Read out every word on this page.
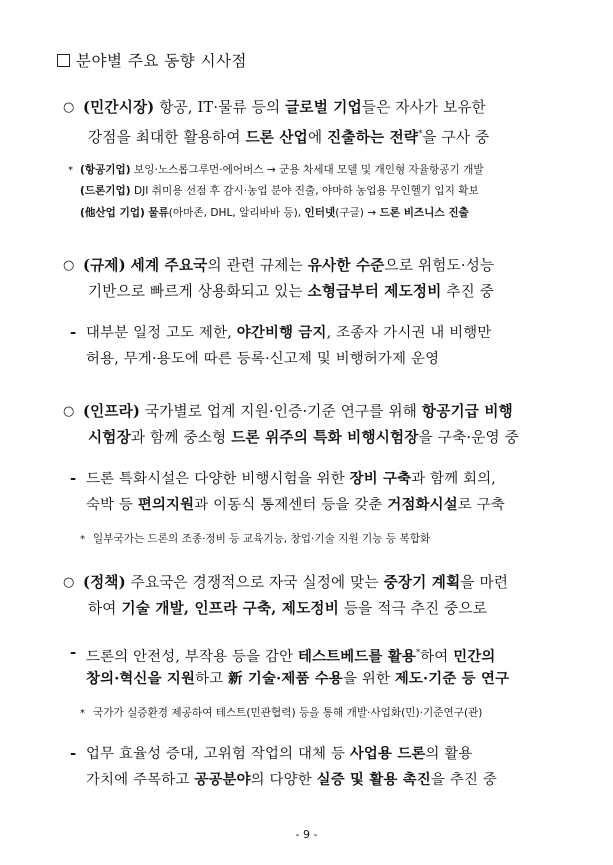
분야별 주요 동향 시사점
○ (민간시장) 항공, IT·물류 등의 글로벌 기업들은 자사가 보유한
강점을 최대한 활용하여 드론 산업에 진출하는 전략*을 구사 중
* (항공기업) 보잉·노스롭그루먼·에어버스 → 군용 차세대 모델 및 개인형 자율항공기 개발
(드론기업) DJI 취미용 선점 후 감시·농업 분야 진출, 야마하 농업용 무인헬기 입지 확보
(他산업 기업) 물류(아마존, DHL, 알리바바 등), 인터넷(구글) → 드론 비즈니스 진출
○ (규제) 세계 주요국의 관련 규제는 유사한 수준으로 위험도·성능
기반으로 빠르게 상용화되고 있는 소형급부터 제도정비 추진 중
- 대부분 일정 고도 제한, 야간비행 금지, 조종자 가시권 내 비행만
허용, 무게·용도에 따른 등록·신고제 및 비행허가제 운영
○ (인프라) 국가별로 업계 지원·인증·기준 연구를 위해 항공기급 비행
시험장과 함께 중소형 드론 위주의 특화 비행시험장을 구축·운영 중
- 드론 특화시설은 다양한 비행시험을 위한 장비 구축과 함께 회의,
숙박 등 편의지원과 이동식 통제센터 등을 갖춘 거점화시설로 구축
* 일부국가는 드론의 조종·정비 등 교육기능, 창업·기술 지원 기능 등 복합화
○ (정책) 주요국은 경쟁적으로 자국 실정에 맞는 중장기 계획을 마련
하여 기술 개발, 인프라 구축, 제도정비 등을 적극 추진 중으로
- 드론의 안전성, 부작용 등을 감안 테스트베드를 활용*하여 민간의
창의·혁신을 지원하고 新 기술·제품 수용을 위한 제도·기준 등 연구
* 국가가 실증환경 제공하여 테스트(민관협력) 등을 통해 개발·사업화(민)·기준연구(관)
- 업무 효율성 증대, 고위험 작업의 대체 등 사업용 드론의 활용
가치에 주목하고 공공분야의 다양한 실증 및 활용 촉진을 추진 중
- 9 -
